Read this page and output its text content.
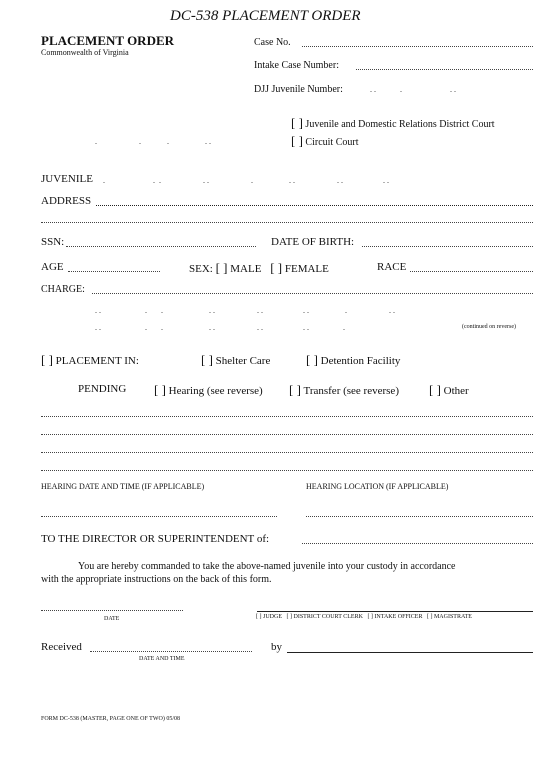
DC-538 PLACEMENT ORDER
PLACEMENT ORDER
Commonwealth of Virginia
Case No.
Intake Case Number:
DJJ Juvenile Number:	. .            .                        . .
[ ] Juvenile and Domestic Relations District Court
[ ] Circuit Court
.                     .             .                  . .
JUVENILE .                        .  .                     . .                     .                  . .                     . .                    . .
ADDRESS
SSN:	DATE OF BIRTH:
AGE	SEX: [ ] MALE [ ] FEMALE	RACE
CHARGE:
. .                      .       .                       . .                     . .                    . .                  .                     . .
. .                      .       .                       . .                     . .                    . .                 .	(continued on reverse)
[ ] PLACEMENT IN:	[ ] Shelter Care	[ ] Detention Facility
PENDING [ ] Hearing (see reverse) [ ] Transfer (see reverse) [ ] Other
HEARING DATE AND TIME (IF APPLICABLE)	HEARING LOCATION (IF APPLICABLE)
TO THE DIRECTOR OR SUPERINTENDENT of:
You are hereby commanded to take the above-named juvenile into your custody in accordance
with the appropriate instructions on the back of this form.
DATE	[ ] JUDGE [ ] DISTRICT COURT CLERK [ ] INTAKE OFFICER [ ] MAGISTRATE
Received
DATE AND TIME
by
FORM DC-538 (MASTER, PAGE ONE OF TWO) 05/08
